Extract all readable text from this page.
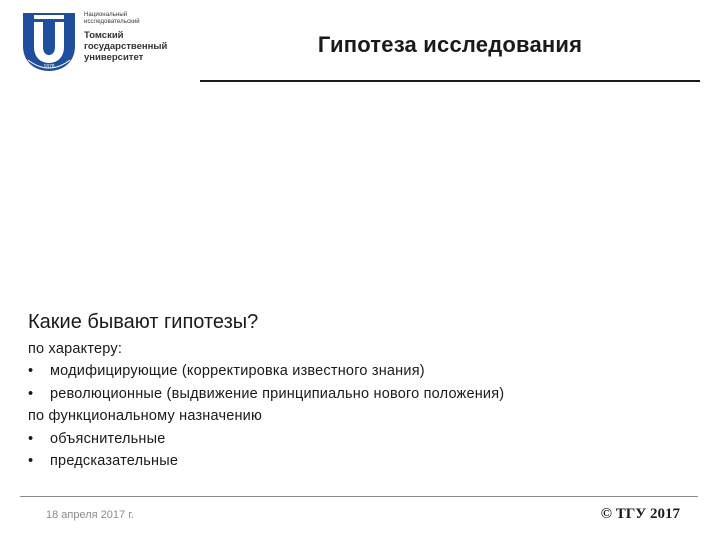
1878
Национальный
исследовательский
Томский
государственный
университет
Гипотеза исследования
Какие бывают гипотезы?
по характеру:
• модифицирующие (корректировка известного знания)
• революционные (выдвижение принципиально нового положения)
по функциональному назначению
• объяснительные
• предсказательные
18 апреля 2017 г.	© ТГУ 2017
